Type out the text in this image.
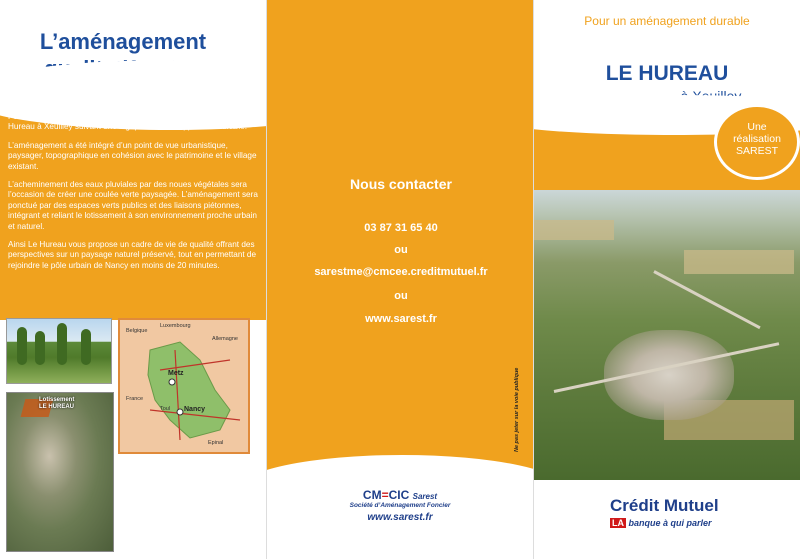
L’aménagement

Forte de son expérience,la SAREST a conçu le lotissement Le Hureau à Xeuilley suivant une logique de développement durable.

L’aménagement a été intégré d’un point de vue urbanistique, paysager, topographique en cohésion avec le patrimoine et le village existant.

L’acheminement des eaux pluviales par des noues végétales sera l’occasion de créer une coulée verte paysagée. L’aménagement sera ponctué par des espaces verts publics et des liaisons piétonnes, intégrant et reliant le lotissement à son environnement proche urbain et naturel.

Ainsi Le Hureau vous propose un cadre de vie de qualité offrant des perspectives sur un paysage naturel préservé, tout en permettant de rejoindre le pôle urbain de Nancy en moins de 20 minutes.

Lotissement
LE HUREAU
Belgique
Luxembourg
Allemagne
Metz
Nancy
Toul
France
Epinal
Nous contacter
03 87 31 65 40
ou
sarestme@cmcee.creditmutuel.fr
ou
www.sarest.fr
CM=CIC Sarest
Société d’Aménagement Foncier
www.sarest.fr
Ne pas jeter sur la voie publique
Pour un aménagement durable
LE HUREAU
Une
réalisation
SAREST
Crédit Mutuel
LA banque à qui parler
